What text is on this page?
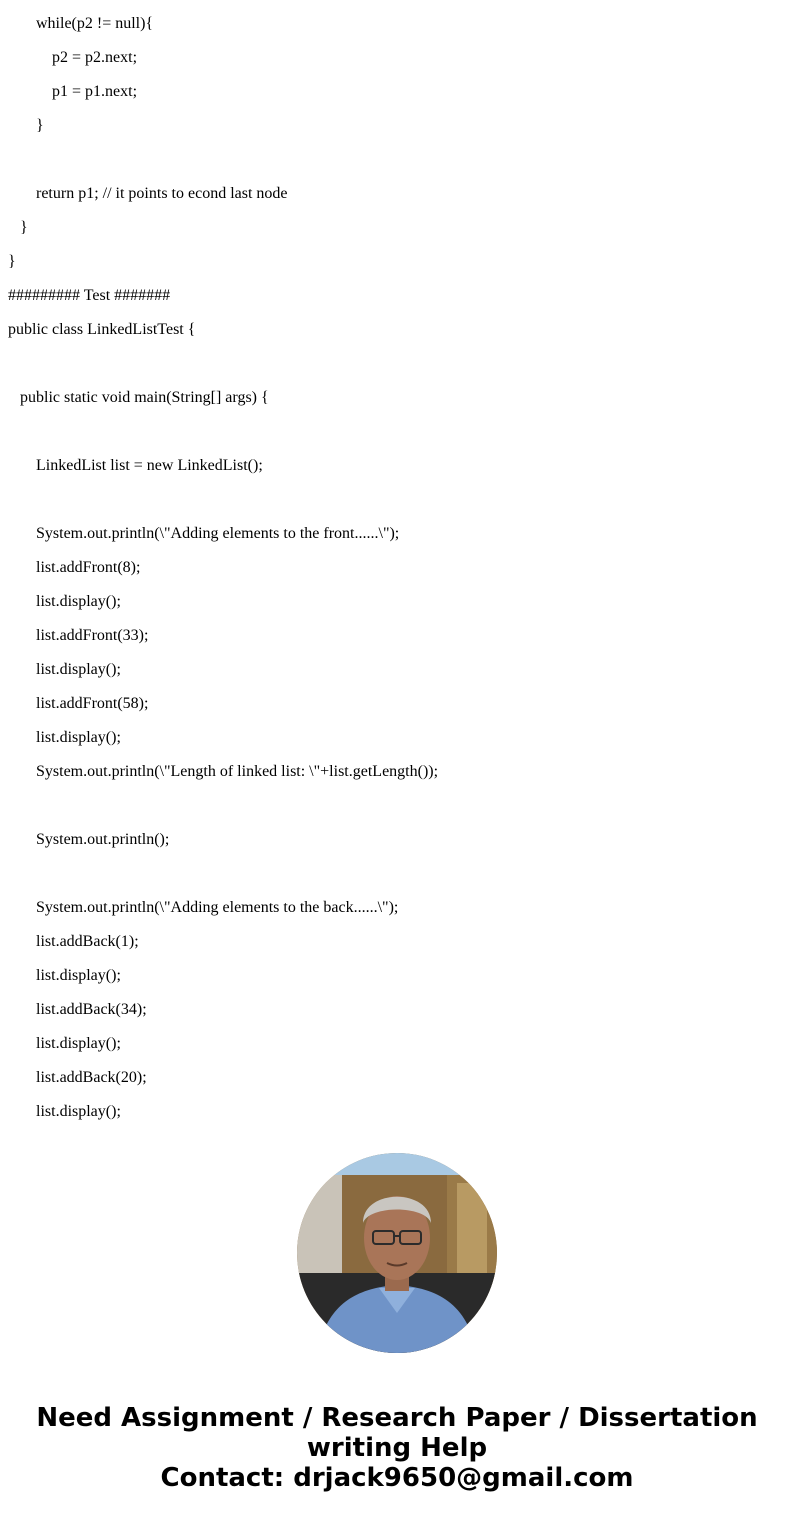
while(p2 != null){
p2 = p2.next;
p1 = p1.next;
}
return p1; // it points to econd last node
}
}
######### Test #######
public class LinkedListTest {
public static void main(String[] args) {
LinkedList list = new LinkedList();
System.out.println(\"Adding elements to the front......\");
list.addFront(8);
list.display();
list.addFront(33);
list.display();
list.addFront(58);
list.display();
System.out.println(\"Length of linked list: \"+list.getLength());
System.out.println();
System.out.println(\"Adding elements to the back......\");
list.addBack(1);
list.display();
list.addBack(34);
list.display();
list.addBack(20);
list.display();
Need Assignment / Research Paper / Dissertation
writing Help
Contact: drjack9650@gmail.com
